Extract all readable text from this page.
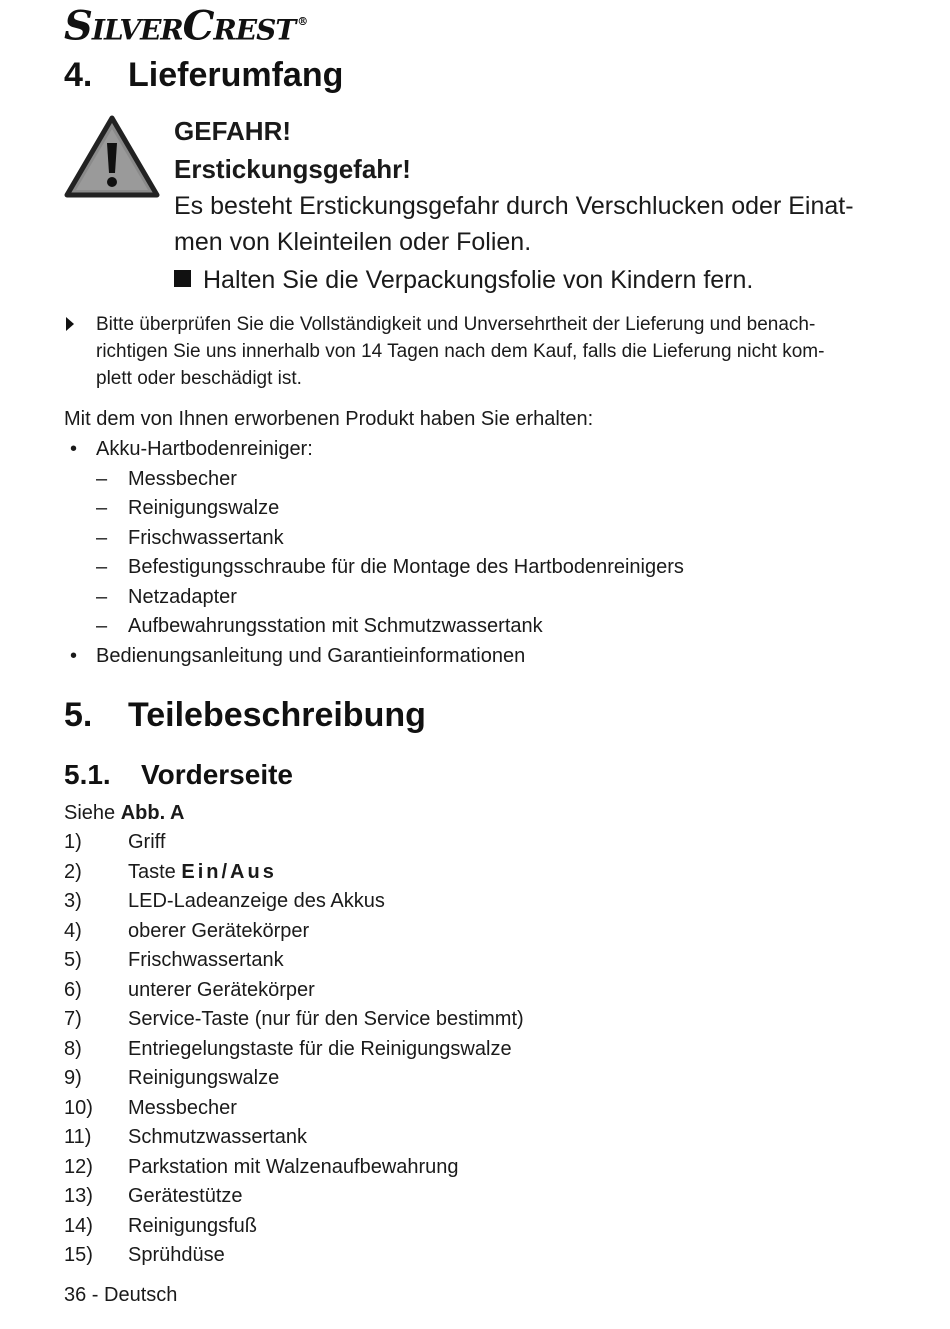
SilverCrest ®
4. Lieferumfang
GEFAHR!
Erstickungsgefahr!
Es besteht Erstickungsgefahr durch Verschlucken oder Einat-
men von Kleinteilen oder Folien.
Halten Sie die Verpackungsfolie von Kindern fern.
Bitte überprüfen Sie die Vollständigkeit und Unversehrtheit der Lieferung und benach-
richtigen Sie uns innerhalb von 14 Tagen nach dem Kauf, falls die Lieferung nicht kom-
plett oder beschädigt ist.
Mit dem von Ihnen erworbenen Produkt haben Sie erhalten:
• Akku-Hartbodenreiniger:
– Messbecher
– Reinigungswalze
– Frischwassertank
– Befestigungsschraube für die Montage des Hartbodenreinigers
– Netzadapter
– Aufbewahrungsstation mit Schmutzwassertank
• Bedienungsanleitung und Garantieinformationen
5. Teilebeschreibung
5.1. Vorderseite
Siehe Abb. A
1) Griff
2) Taste Ein/Aus
3) LED-Ladeanzeige des Akkus
4) oberer Gerätekörper
5) Frischwassertank
6) unterer Gerätekörper
7) Service-Taste (nur für den Service bestimmt)
8) Entriegelungstaste für die Reinigungswalze
9) Reinigungswalze
10) Messbecher
11) Schmutzwassertank
12) Parkstation mit Walzenaufbewahrung
13) Gerätestütze
14) Reinigungsfuß
15) Sprühdüse
36 - Deutsch
